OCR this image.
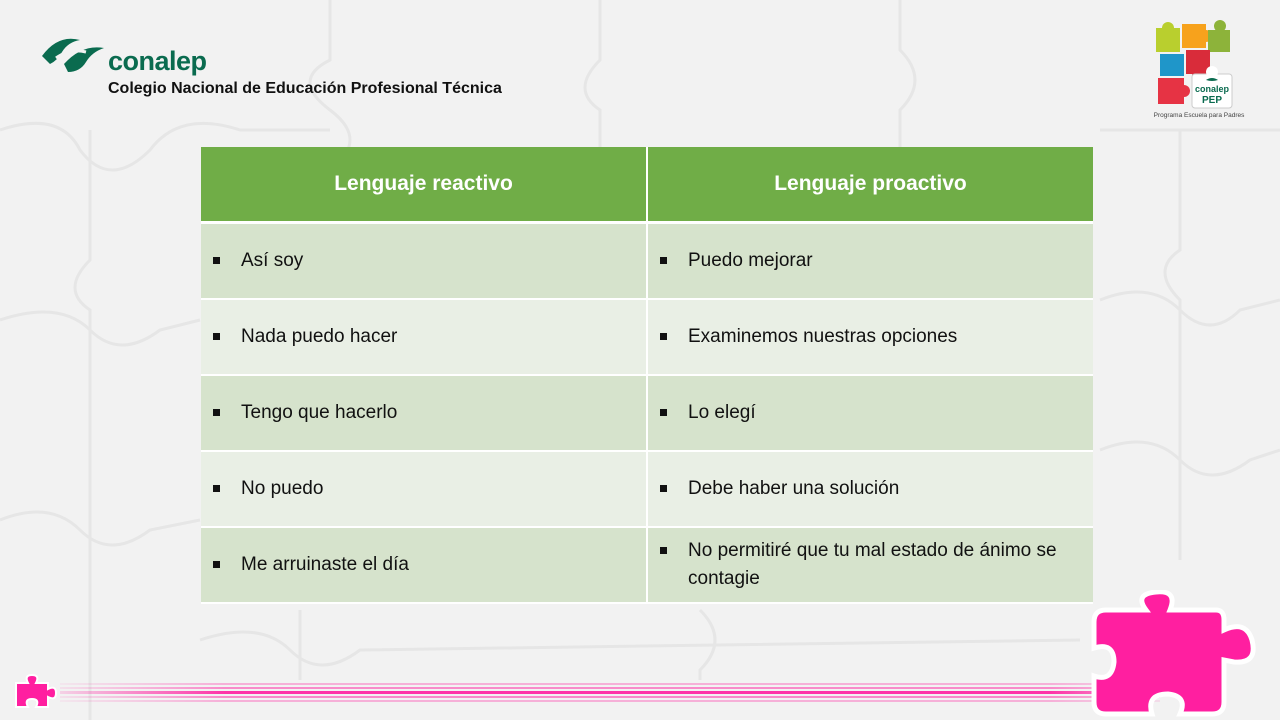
conalep
Colegio Nacional de Educación Profesional Técnica	conalep
PEP
Programa Escuela para Padres
Lenguaje reactivo	Lenguaje proactivo

Así soy	Puedo mejorar

Nada puedo hacer	Examinemos nuestras opciones

Tengo que hacerlo	Lo elegí

No puedo	Debe haber una solución

Me arruinaste el día	No permitiré que tu mal estado de ánimo se contagie
